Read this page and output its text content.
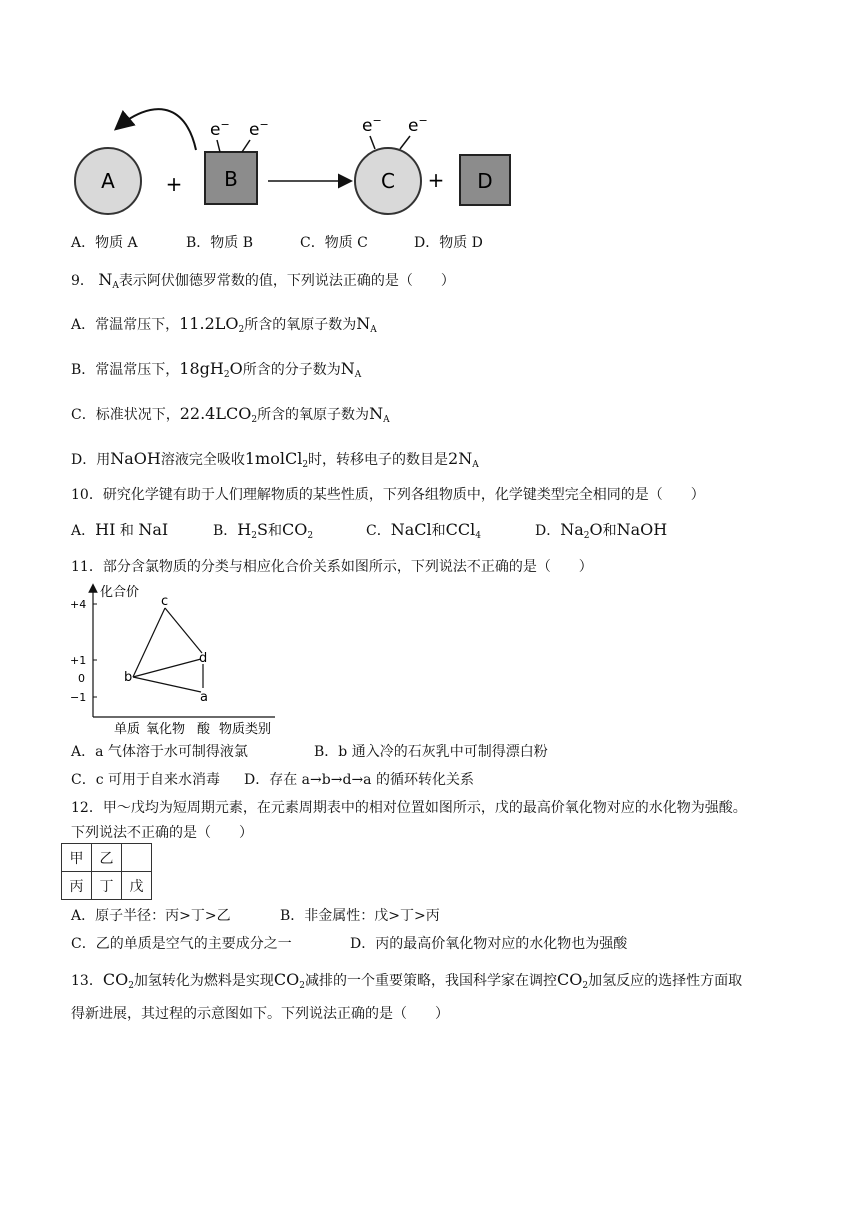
A	+ B
e− e−
C
e− e−
+ D
A．物质 A	B．物质 B	C．物质 C	D．物质 D
9． $N_A$表示阿伏伽德罗常数的值，下列说法正确的是（　　）
A．常温常压下，$11.2LO_2$所含的氧原子数为$N_A$
B．常温常压下，$18gH_2O$所含的分子数为$N_A$
C．标准状况下，$22.4LCO_2$所含的氧原子数为$N_A$
D．用NaOH溶液完全吸收1molCl$_2$时，转移电子的数目是$2N_A$
10．研究化学键有助于人们理解物质的某些性质，下列各组物质中，化学键类型完全相同的是（　　）
A．HI 和 NaI	B．$H_2S$和$CO_2$	C．NaCl和CCl$_4$	D．$Na_2O$和NaOH
11．部分含氯物质的分类与相应化合价关系如图所示，下列说法不正确的是（　　）
化合价
+4
+1
0
−1
单质 氧化物 酸 物质类别
a
b
c
d
A．a 气体溶于水可制得液氯	B．b 通入冷的石灰乳中可制得漂白粉
C．c 可用于自来水消毒 D．存在 a→b→d→a 的循环转化关系
12．甲～戊均为短周期元素，在元素周期表中的相对位置如图所示，戊的最高价氧化物对应的水化物为强酸。
下列说法不正确的是（　　）
甲	乙	
丙	丁	戊
A．原子半径：丙>丁>乙	B．非金属性：戊>丁>丙
C．乙的单质是空气的主要成分之一	D．丙的最高价氧化物对应的水化物也为强酸
13．$CO_2$加氢转化为燃料是实现$CO_2$减排的一个重要策略，我国科学家在调控$CO_2$加氢反应的选择性方面取
得新进展，其过程的示意图如下。下列说法正确的是（　　）
